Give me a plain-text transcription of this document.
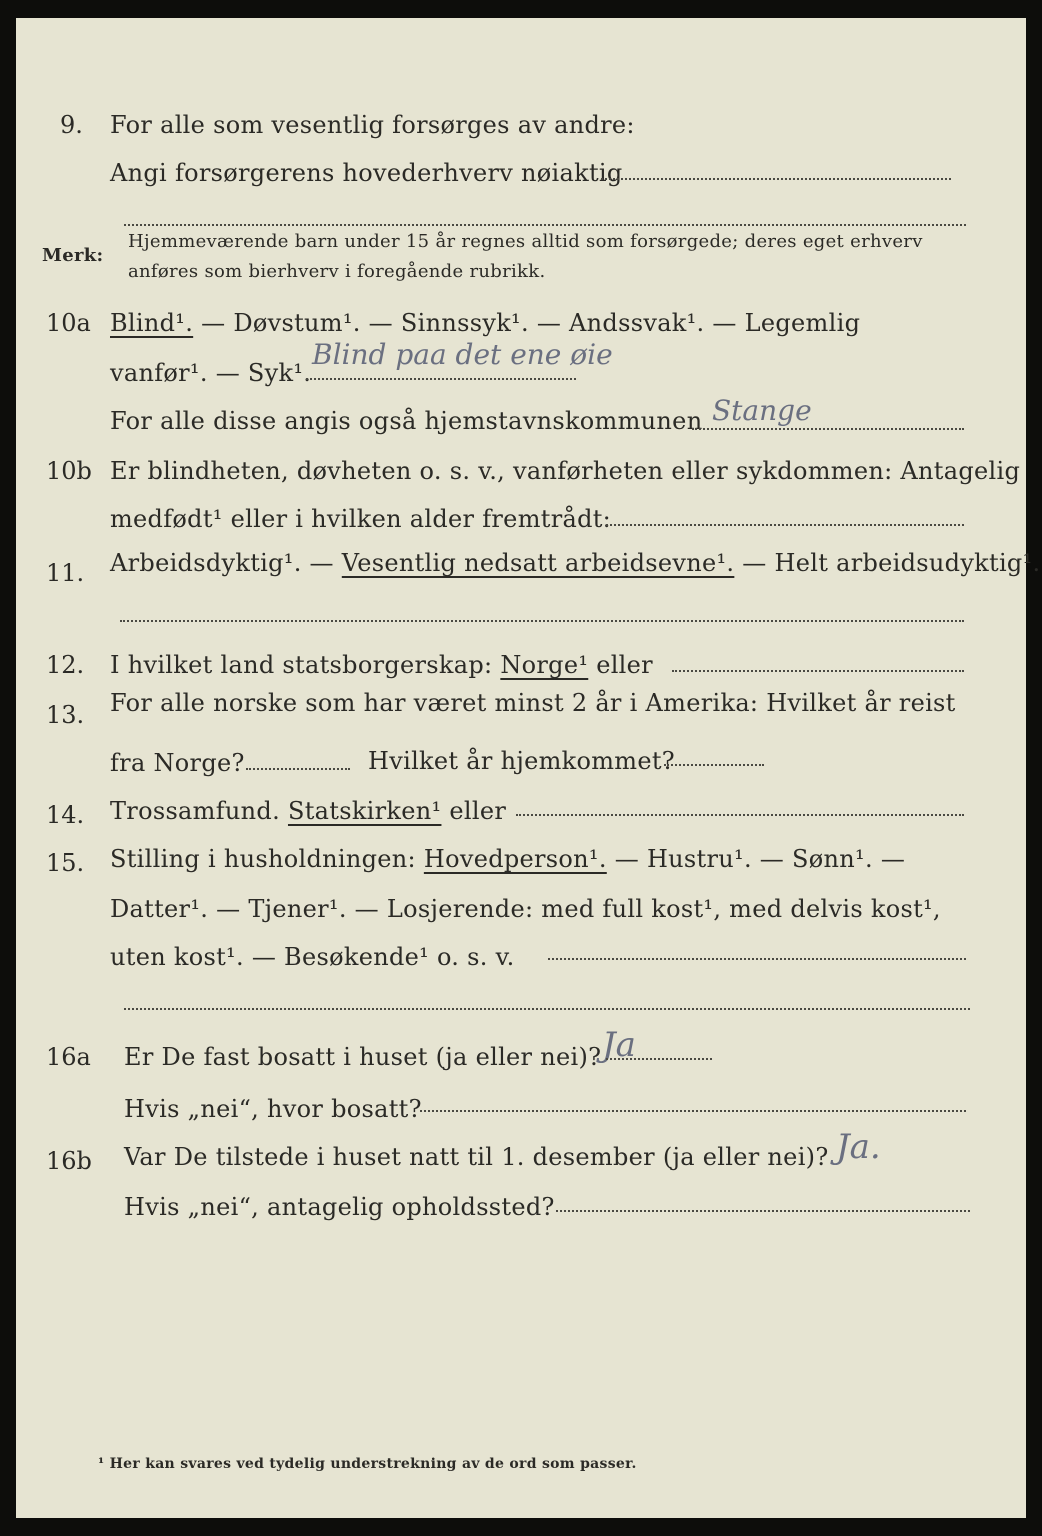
9. For alle som vesentlig forsørges av andre:
Angi forsørgerens hovederhverv nøiaktig
Merk:
Hjemmeværende barn under 15 år regnes alltid som forsørgede; deres eget erhverv
anføres som bierhverv i foregående rubrikk.
10a Blind¹. — Døvstum¹. — Sinnssyk¹. — Andssvak¹. — Legemlig
vanfør¹. — Syk¹.
Blind paa det ene øie
For alle disse angis også hjemstavnskommunen Stange
10b Er blindheten, døvheten o. s. v., vanførheten eller sykdommen: Antagelig
medfødt¹ eller i hvilken alder fremtrådt:
11. Arbeidsdyktig¹. — Vesentlig nedsatt arbeidsevne¹. — Helt arbeidsudyktig¹.
12. I hvilket land statsborgerskap: Norge¹ eller
13. For alle norske som har været minst 2 år i Amerika: Hvilket år reist
fra Norge?	Hvilket år hjemkommet?
14. Trossamfund. Statskirken¹ eller
15. Stilling i husholdningen: Hovedperson¹. — Hustru¹. — Sønn¹. —
Datter¹. — Tjener¹. — Losjerende: med full kost¹, med delvis kost¹,
uten kost¹. — Besøkende¹ o. s. v.
16a Er De fast bosatt i huset (ja eller nei)? Ja
Hvis „nei“, hvor bosatt?
16b Var De tilstede i huset natt til 1. desember (ja eller nei)? Ja.
Hvis „nei“, antagelig opholdssted?
¹ Her kan svares ved tydelig understrekning av de ord som passer.
